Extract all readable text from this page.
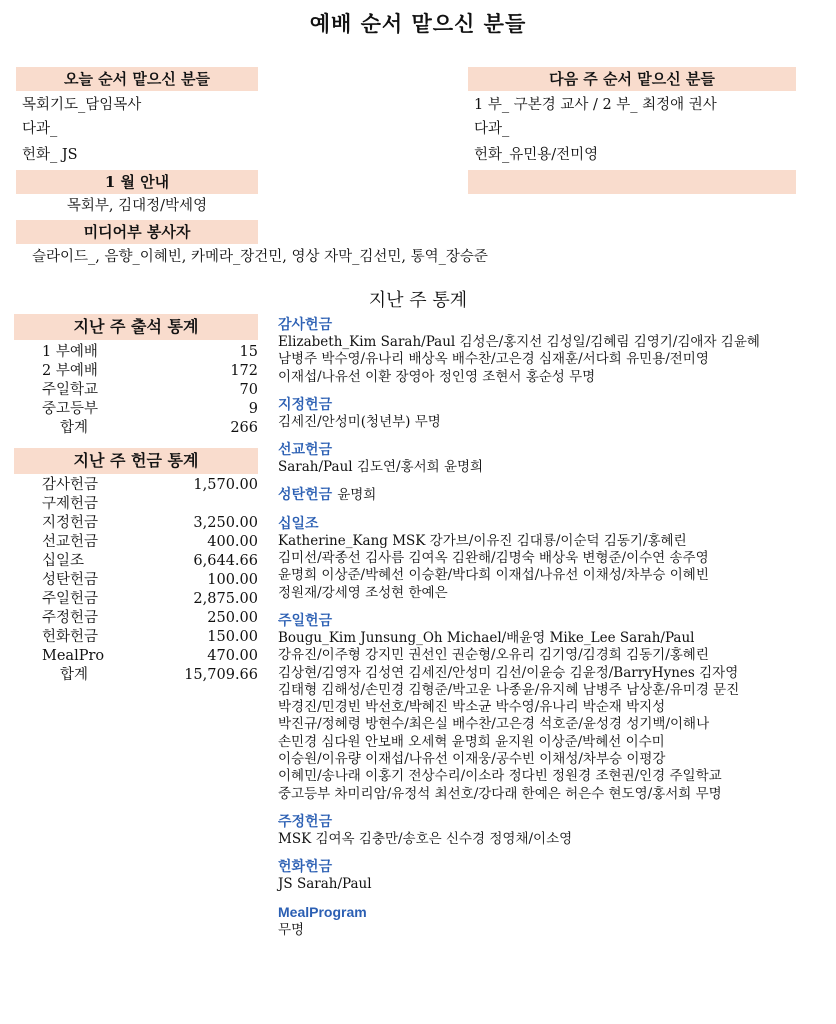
예배 순서 맡으신 분들
오늘 순서 맡으신 분들
목회기도_담임목사
다과_
헌화_ JS
다음 주 순서 맡으신 분들
1 부_ 구본경 교사 / 2 부_ 최정애 권사
다과_
헌화_유민용/전미영
1 월 안내
목회부, 김대정/박세영
미디어부 봉사자
슬라이드_, 음향_이혜빈, 카메라_장건민, 영상 자막_김선민, 통역_장승준
지난 주 통계
지난 주 출석 통계
1 부예배	15
2 부예배	172
주일학교	70
중고등부	9
합계	266
지난 주 헌금 통계
감사헌금	1,570.00
구제헌금
지정헌금	3,250.00
선교헌금	400.00
십일조	6,644.66
성탄헌금	100.00
주일헌금	2,875.00
주정헌금	250.00
헌화헌금	150.00
MealPro	470.00
합계	15,709.66
감사헌금
Elizabeth_Kim Sarah/Paul 김성은/홍지선 김성일/김혜림 김영기/김애자 김윤혜
남병주 박수영/유나리 배상옥 배수찬/고은경 심재훈/서다희 유민용/전미영
이재섭/나유선 이환 장영아 정인영 조현서 홍순성 무명
지정헌금
김세진/안성미(청년부) 무명
선교헌금
Sarah/Paul 김도연/홍서희 윤명희
성탄헌금 윤명희
십일조
Katherine_Kang MSK 강가브/이유진 김대룡/이순덕 김동기/홍혜린
김미선/곽종선 김사름 김여옥 김완해/김명숙 배상욱 변형준/이수연 송주영
윤명희 이상준/박혜선 이승환/박다희 이재섭/나유선 이채성/차부승 이혜빈
정원재/강세영 조성현 한예은
주일헌금
Bougu_Kim Junsung_Oh Michael/배윤영 Mike_Lee Sarah/Paul
강유진/이주형 강지민 권선인 권순형/오유리 김기영/김경희 김동기/홍혜린
김상현/김영자 김성연 김세진/안성미 김선/이윤승 김윤정/BarryHynes 김자영
김태형 김해성/손민경 김형준/박고운 나종윤/유지혜 남병주 남상훈/유미경 문진
박경진/민경빈 박선호/박혜진 박소균 박수영/유나리 박순재 박지성
박진규/정혜령 방현수/최은실 배수찬/고은경 석호준/윤성경 성기백/이해나
손민경 심다원 안보배 오세혁 윤명희 윤지원 이상준/박혜선 이수미
이승원/이유량 이재섭/나유선 이재웅/공수빈 이채성/차부승 이평강
이혜민/송나래 이홍기 전상수리/이소라 정다빈 정원경 조현권/인경 주일학교
중고등부 차미리암/유정석 최선호/강다래 한예은 허은수 현도영/홍서희 무명
주정헌금
MSK 김여옥 김충만/송호은 신수경 정영채/이소영
헌화헌금
JS Sarah/Paul
MealProgram
무명
